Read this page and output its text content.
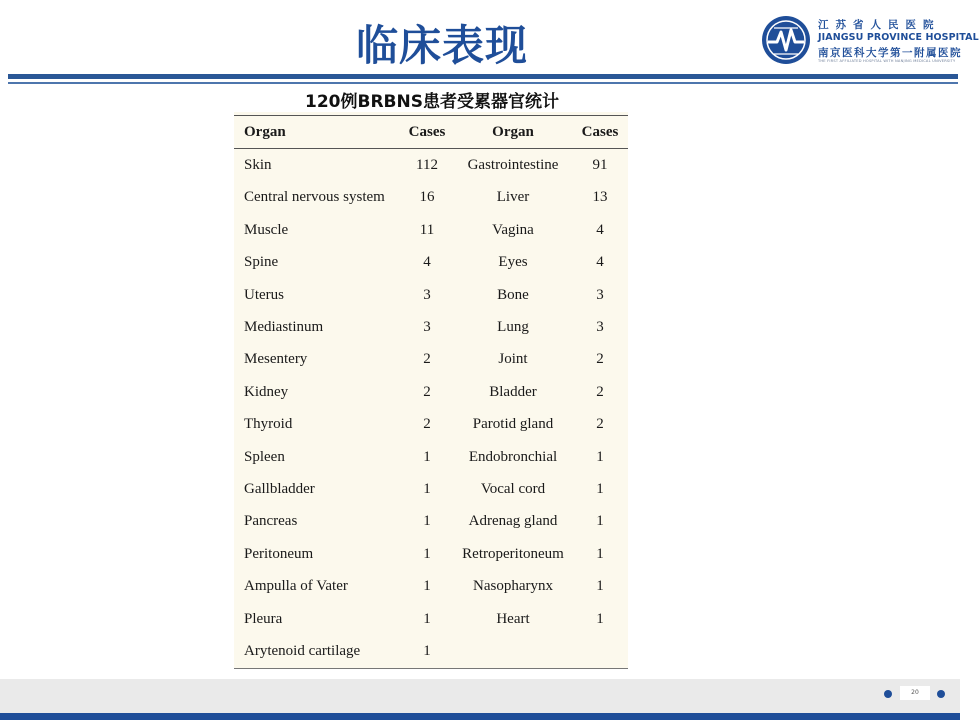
临床表现	江苏省人民医院
JIANGSU PROVINCE HOSPITAL
南京医科大学第一附属医院
THE FIRST AFFILIATED HOSPITAL WITH NANJING MEDICAL UNIVERSITY
120例BRBNS患者受累器官统计
Organ	Cases	Organ	Cases
Skin	112	Gastrointestine	91
Central nervous system	16	Liver	13
Muscle	11	Vagina	4
Spine	4	Eyes	4
Uterus	3	Bone	3
Mediastinum	3	Lung	3
Mesentery	2	Joint	2
Kidney	2	Bladder	2
Thyroid	2	Parotid gland	2
Spleen	1	Endobronchial	1
Gallbladder	1	Vocal cord	1
Pancreas	1	Adrenag gland	1
Peritoneum	1	Retroperitoneum	1
Ampulla of Vater	1	Nasopharynx	1
Pleura	1	Heart	1
Arytenoid cartilage	1
20
